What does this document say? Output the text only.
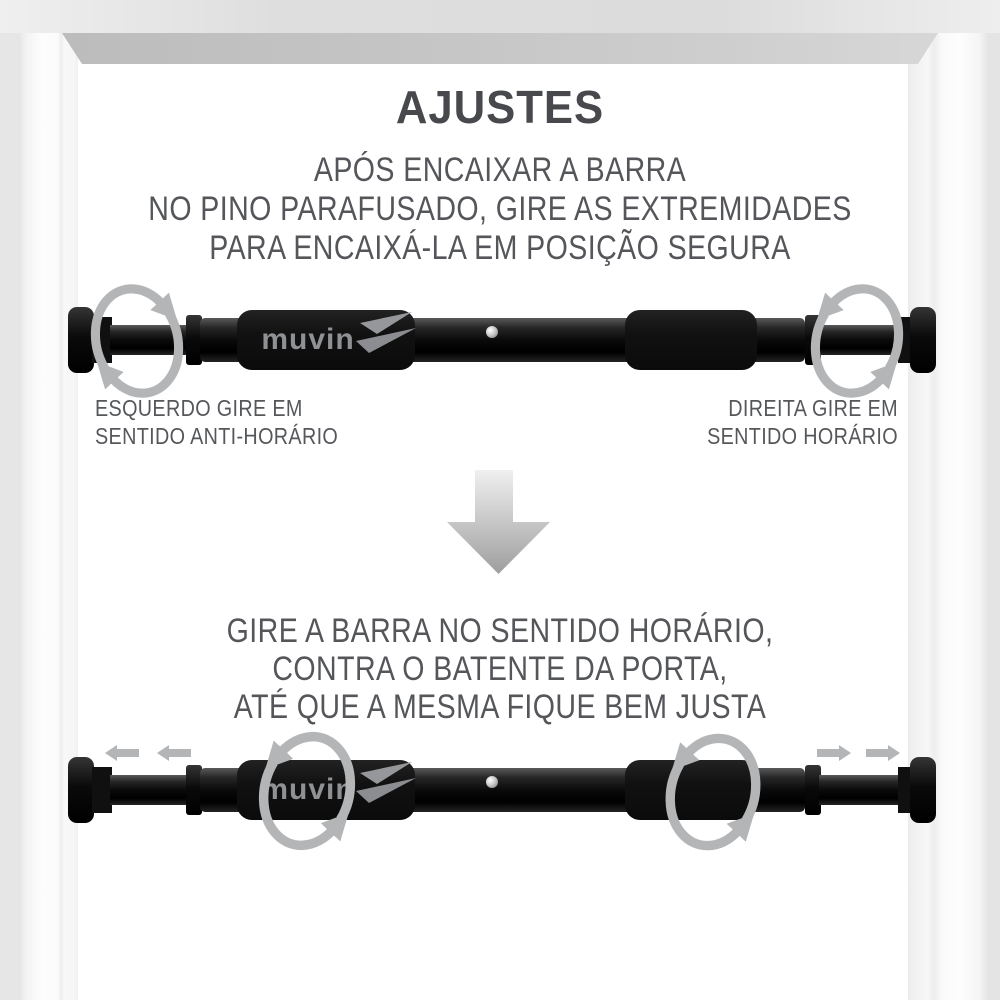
AJUSTES
APÓS ENCAIXAR A BARRA
NO PINO PARAFUSADO, GIRE AS EXTREMIDADES
PARA ENCAIXÁ-LA EM POSIÇÃO SEGURA
ESQUERDO GIRE EM
SENTIDO ANTI-HORÁRIO
DIREITA GIRE EM
SENTIDO HORÁRIO
GIRE A BARRA NO SENTIDO HORÁRIO,
CONTRA O BATENTE DA PORTA,
ATÉ QUE A MESMA FIQUE BEM JUSTA
